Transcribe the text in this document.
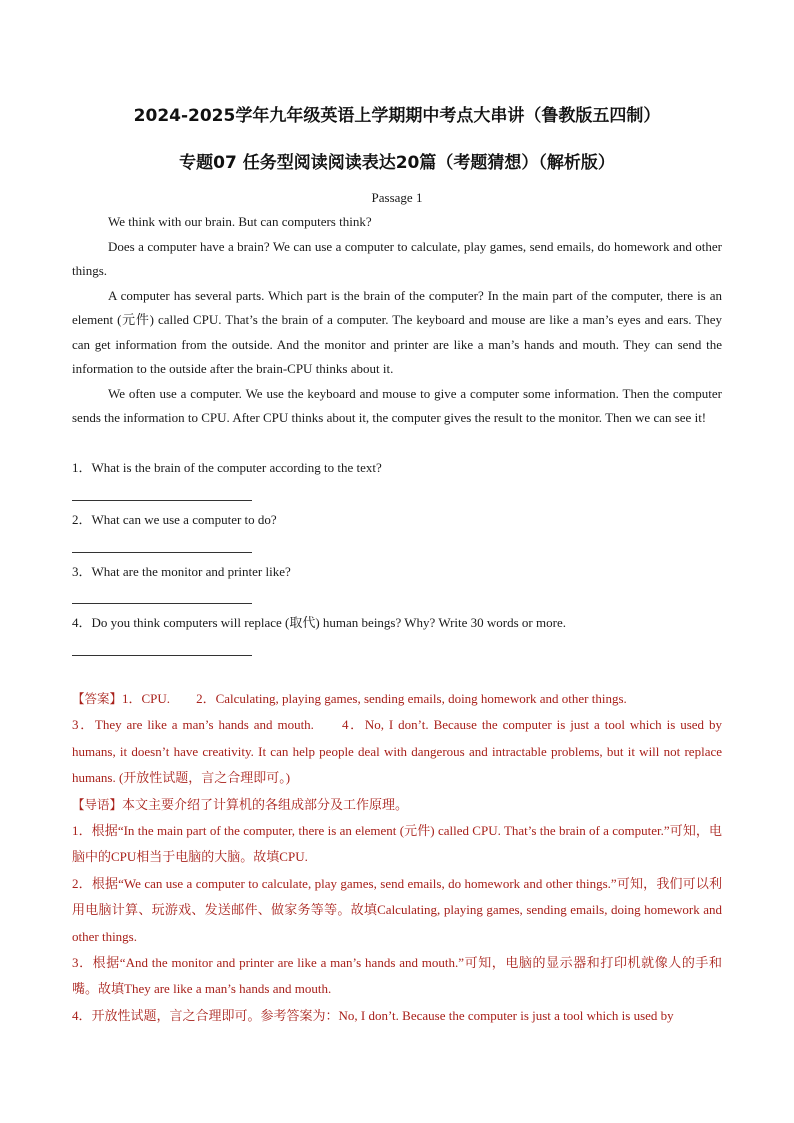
2024-2025学年九年级英语上学期期中考点大串讲（鲁教版五四制）
专题07 任务型阅读阅读表达20篇（考题猜想）（解析版）
Passage 1

We think with our brain. But can computers think?

Does a computer have a brain? We can use a computer to calculate, play games, send emails, do homework and other things.

A computer has several parts. Which part is the brain of the computer? In the main part of the computer, there is an element (元件) called CPU. That’s the brain of a computer. The keyboard and mouse are like a man’s eyes and ears. They can get information from the outside. And the monitor and printer are like a man’s hands and mouth. They can send the information to the outside after the brain-CPU thinks about it.

We often use a computer. We use the keyboard and mouse to give a computer some information. Then the computer sends the information to CPU. After CPU thinks about it, the computer gives the result to the monitor. Then we can see it!

1．What is the brain of the computer according to the text?
2．What can we use a computer to do?
3．What are the monitor and printer like?
4．Do you think computers will replace (取代) human beings? Why? Write 30 words or more.
【答案】1．CPU. 2．Calculating, playing games, sending emails, doing homework and other things.
3．They are like a man’s hands and mouth. 4．No, I don’t. Because the computer is just a tool which is used by humans, it doesn’t have creativity. It can help people deal with dangerous and intractable problems, but it will not replace humans. (开放性试题，言之合理即可。)
【导语】本文主要介绍了计算机的各组成部分及工作原理。
1．根据“In the main part of the computer, there is an element (元件) called CPU. That’s the brain of a computer.”可知，电脑中的CPU相当于电脑的大脑。故填CPU.
2．根据“We can use a computer to calculate, play games, send emails, do homework and other things.”可知，我们可以利用电脑计算、玩游戏、发送邮件、做家务等等。故填Calculating, playing games, sending emails, doing homework and other things.
3．根据“And the monitor and printer are like a man’s hands and mouth.”可知，电脑的显示器和打印机就像人的手和嘴。故填They are like a man’s hands and mouth.
4．开放性试题，言之合理即可。参考答案为：No, I don’t. Because the computer is just a tool which is used by
